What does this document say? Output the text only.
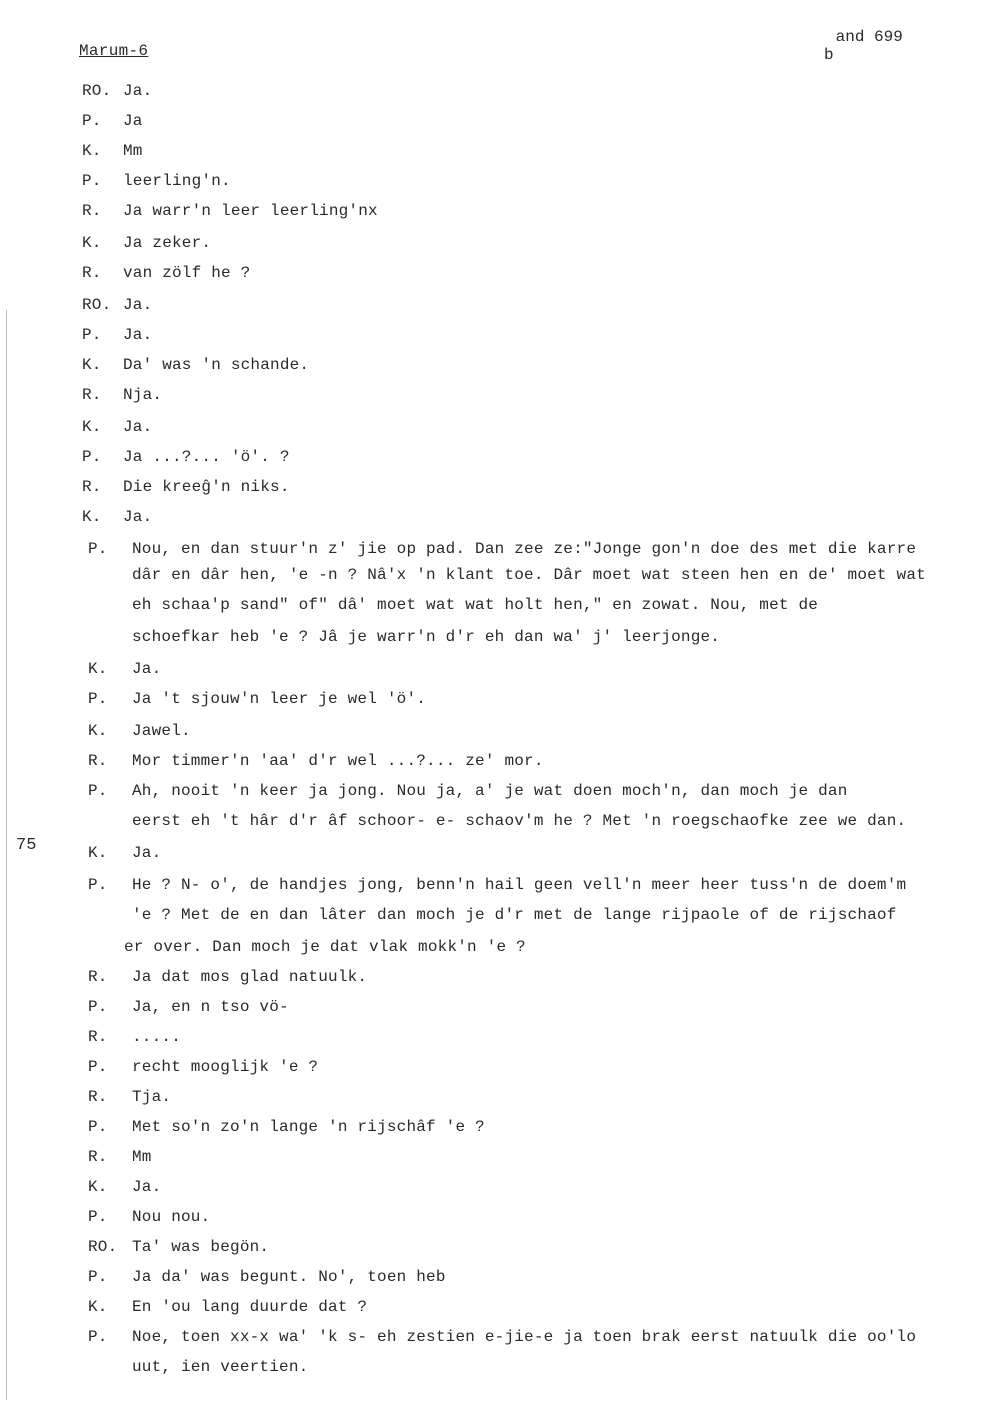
Marum-6	band 699
75
RO. Ja.
P. Ja
K. Mm
P. leerling'n.
R. Ja warr'n leer leerling'nx
K. Ja zeker.
R. van zölf he ?
RO. Ja.
P. Ja.
K. Da' was 'n schande.
R. Nja.
K. Ja.
P. Ja ...?... 'ö'. ?
R. Die kreeĝ'n niks.
K. Ja.
P. Nou, en dan stuur'n z' jie op pad. Dan zee ze:"Jonge gon'n doe des met die karre
dâr en dâr hen, 'e -n ? Nâ'x 'n klant toe. Dâr moet wat steen hen en de' moet wat
eh schaa'p sand" of" dâ' moet wat wat holt hen," en zowat. Nou, met de
schoefkar heb 'e ? Jâ je warr'n d'r eh dan wa' j' leerjonge.
K. Ja.
P. Ja 't sjouw'n leer je wel 'ö'.
K. Jawel.
R. Mor timmer'n 'aa' d'r wel ...?... ze' mor.
P. Ah, nooit 'n keer ja jong. Nou ja, a' je wat doen moch'n, dan moch je dan
eerst eh 't hâr d'r âf schoor- e- schaov'm he ? Met 'n roegschaofke zee we dan.
K. Ja.
P. He ? N- o', de handjes jong, benn'n hail geen vell'n meer heer tuss'n de doem'm
'e ? Met de en dan lâter dan moch je d'r met de lange rijpaole of de rijschaof
er over. Dan moch je dat vlak mokk'n 'e ?
R. Ja dat mos glad natuulk.
P. Ja, en n tso vö-
R. .....
P. recht mooglijk 'e ?
R. Tja.
P. Met so'n zo'n lange 'n rijschâf 'e ?
R. Mm
K. Ja.
P. Nou nou.
RO. Ta' was begön.
P. Ja da' was begunt. No', toen heb
K. En 'ou lang duurde dat ?
P. Noe, toen xx-x wa' 'k s- eh zestien e-jie-e ja toen brak eerst natuulk die oo'lo
uut, ien veertien.
